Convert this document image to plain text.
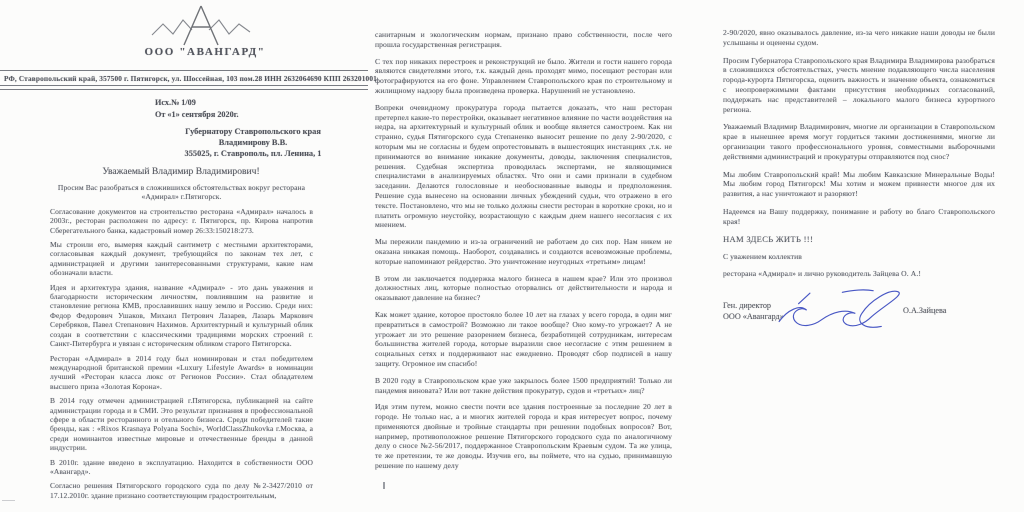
ООО "АВАНГАРД"
РФ, Ставропольский край, 357500 г. Пятигорск, ул. Шоссейная, 103 пом.28 ИНН 2632064690 КПП 263201001
Исх.№ 1/09
От «1» сентября 2020г.
Губернатору Ставропольского края
Владимирову В.В.
355025, г. Ставрополь, пл. Ленина, 1
Уважаемый Владимир Владимирович!

Просим Вас разобраться в сложившихся обстоятельствах вокруг ресторана «Адмирал» г.Пятигорск.

Согласование документов на строительство ресторана «Адмирал» началось в 2003г., ресторан расположен по адресу: г. Пятигорск, пр. Кирова напротив Сберегательного банка, кадастровый номер 26:33:150218:273.

Мы строили его, вымеряя каждый сантиметр с местными архитекторами, согласовывая каждый документ, требующийся по законам тех лет, с администрацией и другими заинтересованными структурами, какие нам обозначали власти.

Идея и архитектура здания, название «Адмирал» - это дань уважения и благодарности историческим личностям, повлиявшим на развитие и становление региона КМВ, прославивших нашу землю и Россию. Среди них: Федор Федорович Ушаков, Михаил Петрович Лазарев, Лазарь Маркович Серебряков, Павел Степанович Нахимов. Архитектурный и культурный облик создан в соответствии с классическими традициями морских строений г. Санкт-Питербурга и увязан с историческим обликом старого Пятигорска.

Ресторан «Адмирал» в 2014 году был номинирован и стал победителем международной британской премии «Luxury Lifestyle Awards» в номинации лучший «Ресторан класса люкс от Регионов России». Стал обладателем высшего приза «Золотая Корона».

В 2014 году отмечен администрацией г.Пятигорска, публикацией на сайте администрации города и в СМИ. Это результат признания в профессиональной сфере в области ресторанного и отельного бизнеса. Среди победителей такие бренды, как : «Rixos Krasnaya Polyana Sochi», WorldClassZhukovka г.Москва, а среди номинантов известные мировые и отечественные бренды в данной индустрии.

В 2010г. здание введено в эксплуатацию. Находится в собственности ООО «Авангард».

Согласно решения Пятигорского городского суда по делу №2-3427/2010 от 17.12.2010г. здание признано соответствующим градостроительным,

санитарным и экологическим нормам, признано право собственности, после чего прошла государственная регистрация.

С тех пор никаких перестроек и реконструкций не было. Жители и гости нашего города являются свидетелями этого, т.к. каждый день проходят мимо, посещают ресторан или фотографируются на его фоне. Управлением Ставропольского края по строительному и жилищному надзору была произведена проверка. Нарушений не установлено.

Вопреки очевидному прокуратура города пытается доказать, что наш ресторан претерпел какие-то перестройки, оказывает негативное влияние по части воздействия на недра, на архитектурный и культурный облик и вообще является самостроем. Как ни странно, судья Пятигорского суда Степаненко выносит решение по делу 2-90/2020, с которым мы не согласны и будем опротестовывать в вышестоящих инстанциях ,т.к. не принимаются во внимание никакие документы, доводы, заключения специалистов, решения. Судебная экспертиза проводилась экспертами, не являющимися специалистами в анализируемых областях. Что они и сами признали в судебном заседании. Делаются голословные и необоснованные выводы и предположения. Решение суда вынесено на основании личных убеждений судьи, что отражено в его тексте. Постановлено, что мы не только должны снести ресторан в короткие сроки, но и платить огромную неустойку, возрастающую с каждым днем нашего несогласия с их мнением.

Мы пережили пандемию и из-за ограничений не работаем до сих пор. Нам никем не оказана никакая помощь. Наоборот, создавались и создаются всевозможные проблемы, которые напоминают рейдерство. Это уничтожение неугодных «третьим» лицам!

В этом ли заключается поддержка малого бизнеса в нашем крае? Или это произвол должностных лиц, которые полностью оторвались от действительности и народа и оказывают давление на бизнес?

Как может здание, которое простояло более 10 лет на глазах у всего города, в один миг превратиться в самострой? Возможно ли такое вообще? Оно кому-то угрожает? А не угрожает ли это решение разорением бизнеса, безработицей сотрудникам, интересам большинства жителей города, которые выразили свое несогласие с этим решением в социальных сетях и поддерживают нас ежедневно. Проводят сбор подписей в нашу защиту. Огромное им спасибо!

В 2020 году в Ставропольском крае уже закрылось более 1500 предприятий! Только ли пандемия виновата? Или вот такие действия прокуратур, судов и «третьих» лиц?

Идя этим путем, можно свести почти все здания построенные за последние 20 лет в городе. Не только нас, а и многих жителей города и края интересует вопрос, почему применяются двойные и тройные стандарты при решении подобных вопросов? Вот, например, противоположное решение Пятигорского городского суда по аналогичному делу о сносе №2-56/2017, поддержанное Ставропольским Краевым судом. Та же улица, те же претензии, те же доводы. Изучив его, вы поймете, что на судью, принимавшую решение по нашему делу

2-90/2020, явно оказывалось давление, из-за чего никакие наши доводы не были услышаны и оценены судом.

Просим Губернатора Ставропольского края Владимира Владимирова разобраться в сложившихся обстоятельствах, учесть мнение подавляющего числа населения города-курорта Пятигорска, оценить важность и значение объекта, ознакомиться с неопровержимыми фактами присутствия необходимых согласований, поддержать нас представителей – локального малого бизнеса курортного региона.

Уважаемый Владимир Владимирович, многие ли организации в Ставропольском крае в нынешнее время могут гордиться такими достижениями, многие ли организации такого профессионального уровня, совместными выборочными действиями администраций и прокуратуры отправляются под снос?

Мы любим Ставропольский край! Мы любим Кавказские Минеральные Воды! Мы любим город Пятигорск! Мы хотим и можем привнести многое для их развития, а нас уничтожают и разоряют!

Надеемся на Вашу поддержку, понимание и работу во благо Ставропольского края!

НАМ ЗДЕСЬ ЖИТЬ !!!

С уважением коллектив

ресторана «Адмирал» и лично руководитель Зайцева О. А.!

Ген. директор
ООО «Авангард»
О.А.Зайцева
